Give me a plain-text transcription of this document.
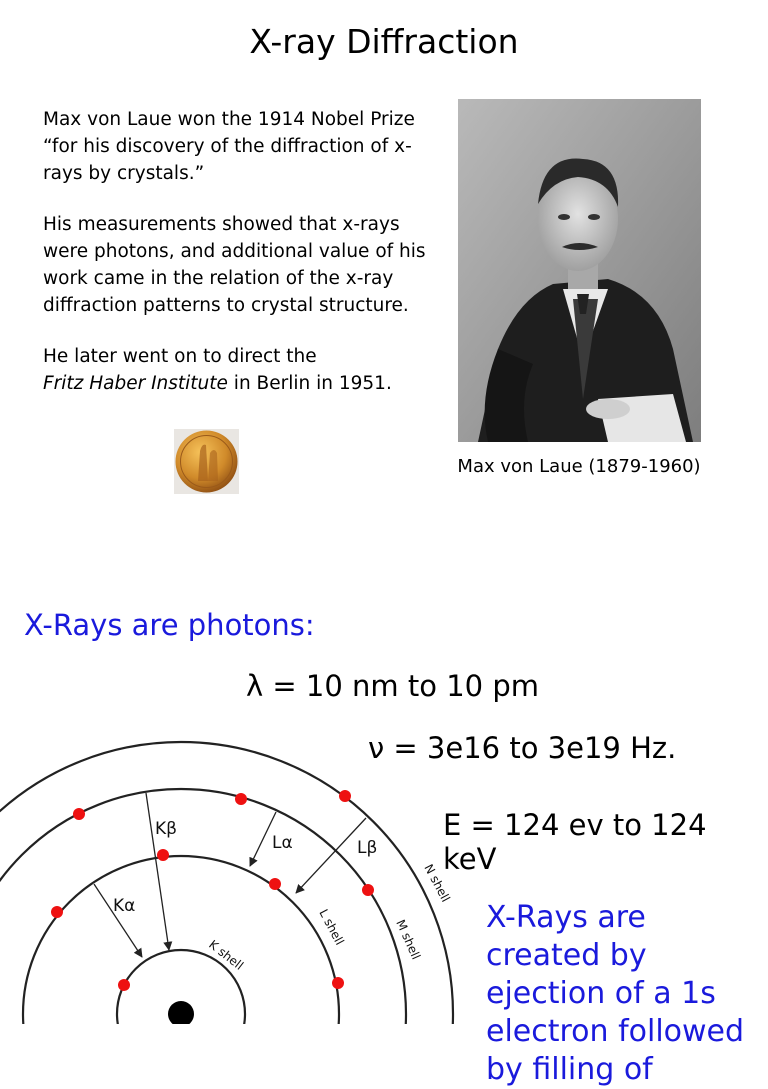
X-ray Diffraction
Max von Laue won the 1914 Nobel Prize “for his discovery of the diffraction of x-rays by crystals.”
His measurements showed that x-rays were photons, and additional value of his work came in the relation of the x-ray diffraction patterns to crystal structure.
He later went on to direct the
Fritz Haber Institute in Berlin in 1951.
Max von Laue (1879-1960)
X-Rays are photons:
λ = 10 nm to 10 pm
ν = 3e16 to 3e19 Hz.
E = 124 ev to 124 keV
X-Rays are created by ejection of a 1s electron followed by filling of
Kβ
Kα
Lα	Lβ
K shell
L shell	M shell
N shell
